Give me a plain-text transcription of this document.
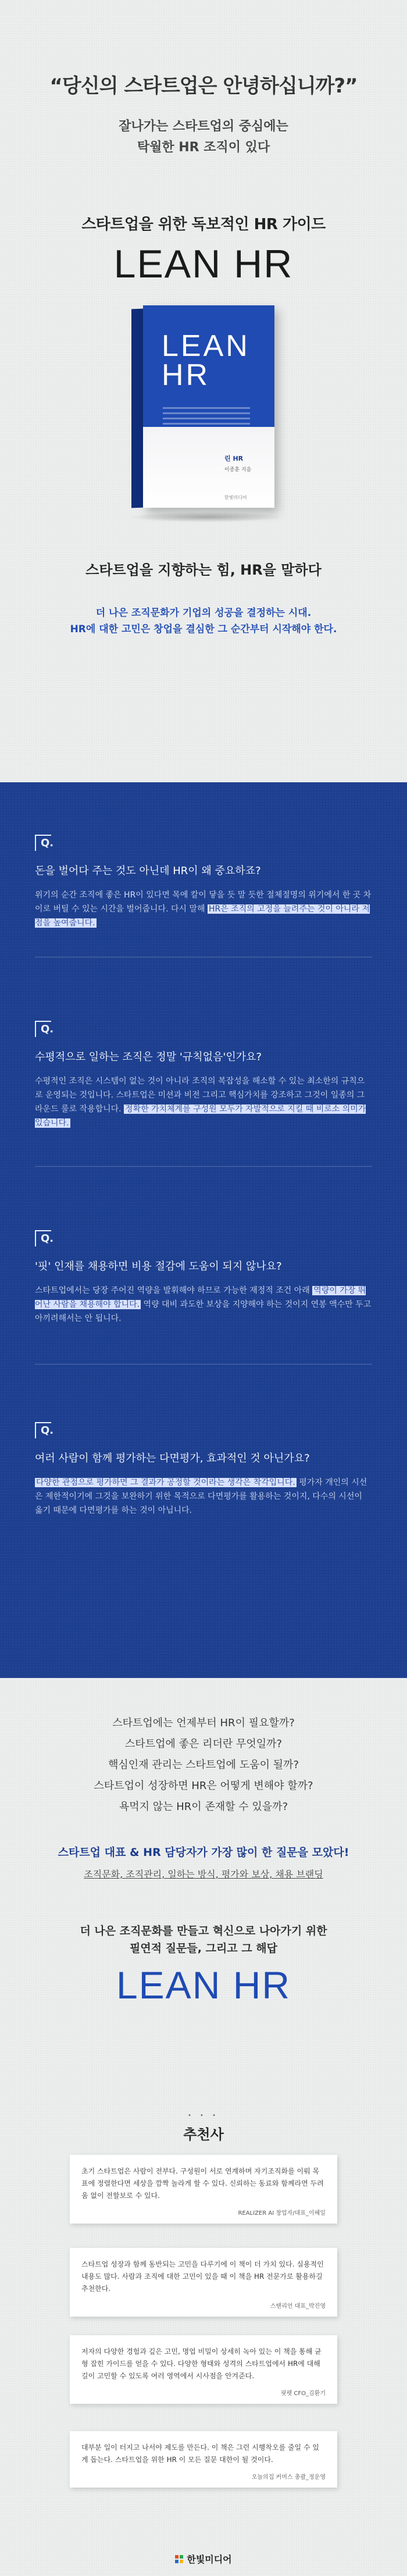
“당신의 스타트업은 안녕하십니까?”
잘나가는 스타트업의 중심에는
탁월한 HR 조직이 있다
스타트업을 위한 독보적인 HR 가이드
LEAN HR
LEAN
HR
린 HR
이종훈 지음
한빛미디어
스타트업을 지향하는 힘, HR을 말하다
더 나은 조직문화가 기업의 성공을 결정하는 시대.
HR에 대한 고민은 창업을 결심한 그 순간부터 시작해야 한다.
Q.
돈을 벌어다 주는 것도 아닌데 HR이 왜 중요하죠?
위기의 순간 조직에 좋은 HR이 있다면 목에 칼이 닿을 듯 말 듯한 절체절명의 위기에서 한 곳 차이로 버틸 수 있는 시간을 벌어줍니다. 다시 말해 HR은 조직의 고정을 늘려주는 것이 아니라 저점을 높여줍니다.
Q.
수평적으로 일하는 조직은 정말 '규칙없음'인가요?
수평적인 조직은 시스템이 없는 것이 아니라 조직의 복잡성을 해소할 수 있는 최소한의 규칙으로 운영되는 것입니다. 스타트업은 미션과 비전 그리고 핵심가치를 강조하고 그것이 일종의 그라운드 룰로 작용합니다. 정확한 가치체계를 구성원 모두가 자발적으로 지킬 때 비로소 의미가 있습니다.
Q.
'핏' 인재를 채용하면 비용 절감에 도움이 되지 않나요?
스타트업에서는 당장 주어진 역량을 발휘해야 하므로 가능한 재정적 조건 아래 역량이 가장 뛰어난 사람을 채용해야 합니다. 역량 대비 과도한 보상을 지양해야 하는 것이지 연봉 액수만 두고 아끼려해서는 안 됩니다.
Q.
여러 사람이 함께 평가하는 다면평가, 효과적인 것 아닌가요?
다양한 관점으로 평가하면 그 결과가 공정할 것이라는 생각은 착각입니다. 평가자 개인의 시선은 제한적이기에 그것을 보완하기 위한 목적으로 다면평가를 활용하는 것이지, 다수의 시선이 옳기 때문에 다면평가를 하는 것이 아닙니다.
스타트업에는 언제부터 HR이 필요할까?
스타트업에 좋은 리더란 무엇일까?
핵심인재 관리는 스타트업에 도움이 될까?
스타트업이 성장하면 HR은 어떻게 변해야 할까?
욕먹지 않는 HR이 존재할 수 있을까?
스타트업 대표 & HR 담당자가 가장 많이 한 질문을 모았다!
조직문화, 조직관리, 일하는 방식, 평가와 보상, 채용 브랜딩
더 나은 조직문화를 만들고 혁신으로 나아가기 위한
필연적 질문들, 그리고 그 해답
LEAN HR
• • •
추천사
초기 스타트업은 사람이 전부다. 구성원이 서로 연계하며 자기조직화를 이뤄 목표에 정렬한다면 세상을 깜짝 놀라게 할 수 있다. 신뢰하는 동료와 함께라면 두려움 없이 전할보로 수 있다.
REALIZER AI 창업자/대표_이혜일
스타트업 성장과 함께 동반되는 고민을 다루기에 이 책이 더 가치 있다. 실용적인 내용도 많다. 사람과 조직에 대한 고민이 있을 때 이 책을 HR 전문가로 활용하길 추천한다.
스탠리언 대표_박진영
저자의 다양한 경험과 깊은 고민, 명업 비밀이 상세히 녹아 있는 이 책을 통해 균형 잡힌 가이드를 얻을 수 있다. 다양한 형태와 성격의 스타트업에서 HR에 대해 길이 고민할 수 있도록 여러 영역에서 시사점을 안겨준다.
핏펫 CFO_김환기
대부분 일이 터지고 나서야 제도를 만든다. 이 책은 그런 시행착오를 줄일 수 있게 돕는다. 스타트업을 위한 HR 이 모든 질문 대한이 될 것이다.
오늘의집 커머스 총괄_정운영
한빛미디어
